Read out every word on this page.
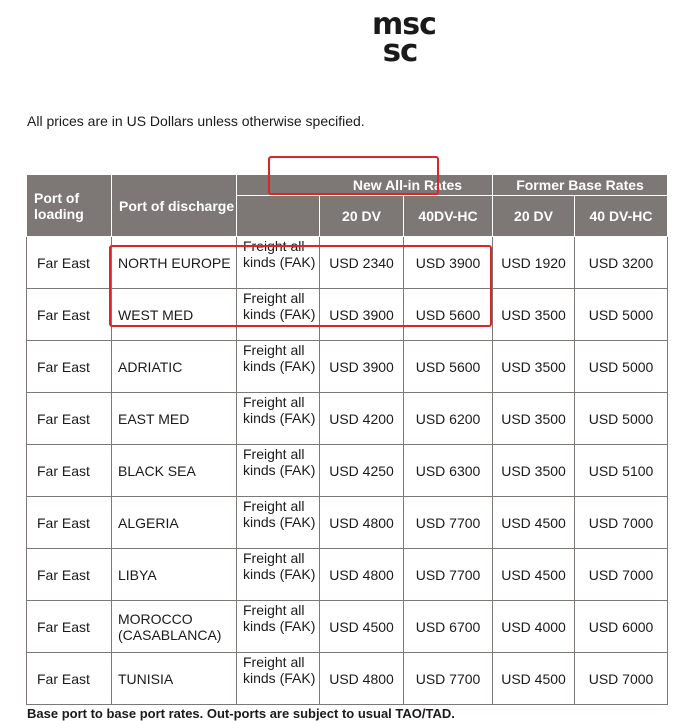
msc
sc
All prices are in US Dollars unless otherwise specified.
Port of loading	Port of discharge	New All-in Rates			Former Base Rates	
			20 DV	40DV-HC	20 DV	40 DV-HC
Far East	NORTH EUROPE	Freight all kinds (FAK)	USD 2340	USD 3900	USD 1920	USD 3200
Far East	WEST MED	Freight all kinds (FAK)	USD 3900	USD 5600	USD 3500	USD 5000
Far East	ADRIATIC	Freight all kinds (FAK)	USD 3900	USD 5600	USD 3500	USD 5000
Far East	EAST MED	Freight all kinds (FAK)	USD 4200	USD 6200	USD 3500	USD 5000
Far East	BLACK SEA	Freight all kinds (FAK)	USD 4250	USD 6300	USD 3500	USD 5100
Far East	ALGERIA	Freight all kinds (FAK)	USD 4800	USD 7700	USD 4500	USD 7000
Far East	LIBYA	Freight all kinds (FAK)	USD 4800	USD 7700	USD 4500	USD 7000
Far East	MOROCCO (CASABLANCA)	Freight all kinds (FAK)	USD 4500	USD 6700	USD 4000	USD 6000
Far East	TUNISIA	Freight all kinds (FAK)	USD 4800	USD 7700	USD 4500	USD 7000
Base port to base port rates. Out-ports are subject to usual TAO/TAD.
